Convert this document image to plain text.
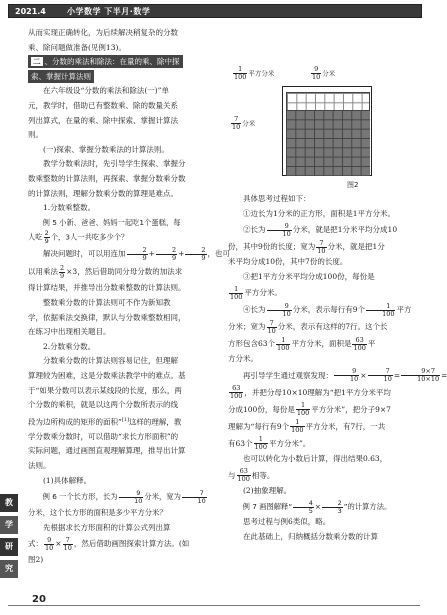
2021.4	小学数学 下半月·数学

从而实现正确转化，为后续解决稍复杂的分数

乘、除问题做准备(见例13)。

二 、分数的乘法和除法：在量的乘、除中探

索、掌握计算法则

在六年级设“分数的乘法和除法(一)”单

元，教学时，借助已有整数乘、除的数量关系

列出算式，在量的乘、除中探索、掌握计算法

则。

(一)探索、掌握分数乘法的计算法则。

教学分数乘法时，先引导学生探索、掌握分

数乘整数的计算法则，再探索、掌握分数乘分数

的计算法则，理解分数乘分数的算理是难点。

1.分数乘整数。

例 5 小新、爸爸、妈妈一起吃1个蛋糕，每

人吃 $\frac{2}{9}$ 个，3人一共吃多少个？

解决问题时，可以用连加 $\frac{2}{9} + \frac{2}{9} + \frac{2}{9}$ ，也可

以用乘法 $\frac{2}{9} \times 3$，然后借助同分母分数的加法求

得计算结果，并推导出分数乘整数的计算法则。

整数乘分数的计算法则可不作为新知教

学，依据乘法交换律，默认与分数乘整数相同，

在练习中出现相关题目。

2.分数乘分数。

分数乘分数的计算法则容易记住，但理解

算理较为困难，这是分数乘法教学中的难点。基

于“如果分数可以表示某线段的长度，那么，两

个分数的乘积，就是以这两个分数所表示的线

段为边所构成的矩形的面积”[1]这样的理解，教

学分数乘分数时，可以借助“求长方形面积”的

实际问题，通过画图直观理解算理，推导出计算

法则。

(1)具体解释。

例 6 一个长方形，长为 $\frac{9}{10}$ 分米，宽为 $\frac{7}{10}$

分米，这个长方形的面积是多少平方分米？

先根据求长方形面积的计算公式列出算

式： $\frac{9}{10} \times \frac{7}{10}$ ，然后借助画图探索计算方法。(如

图2)

$\frac{1}{100}$ 平方分米	$\frac{9}{10}$ 分米
$\frac{7}{10}$ 分米
图2

具体思考过程如下：

①边长为1分米的正方形，面积是1平方分米。

②长为 $\frac{9}{10}$ 分米，就是把1分米平均分成10

份，其中9份的长度；宽为 $\frac{7}{10}$ 分米，就是把1分

米平均分成10份，其中7份的长度。

③把1平方分米平均分成100份，每份是

$\frac{1}{100}$ 平方分米。

④长为 $\frac{9}{10}$ 分米，表示每行有9个 $\frac{1}{100}$ 平方

分米；宽为 $\frac{7}{10}$ 分米，表示有这样的7行。这个长

方形包含63个 $\frac{1}{100}$ 平方分米，面积是 $\frac{63}{100}$ 平

方分米。

再引导学生通过观察发现： $\frac{9}{10} \times \frac{7}{10} = \frac{9\times 7}{10\times 10}$ =

$\frac{63}{100}$ ，并把分母10×10理解为“把1平方分米平均

分成100份，每份是 $\frac{1}{100}$ 平方分米”，把分子9×7

理解为“每行有9个 $\frac{1}{100}$ 平方分米，有7行，一共

有63个 $\frac{1}{100}$ 平方分米”。

也可以转化为小数后计算，得出结果0.63，

与 $\frac{63}{100}$ 相等。

(2)抽象理解。

例 7 画图解释“ $\frac{4}{5} \times \frac{2}{3}$ ”的计算方法。

思考过程与例6类似，略。

在此基础上，归纳概括分数乘分数的计算

教
学
研
究
20
